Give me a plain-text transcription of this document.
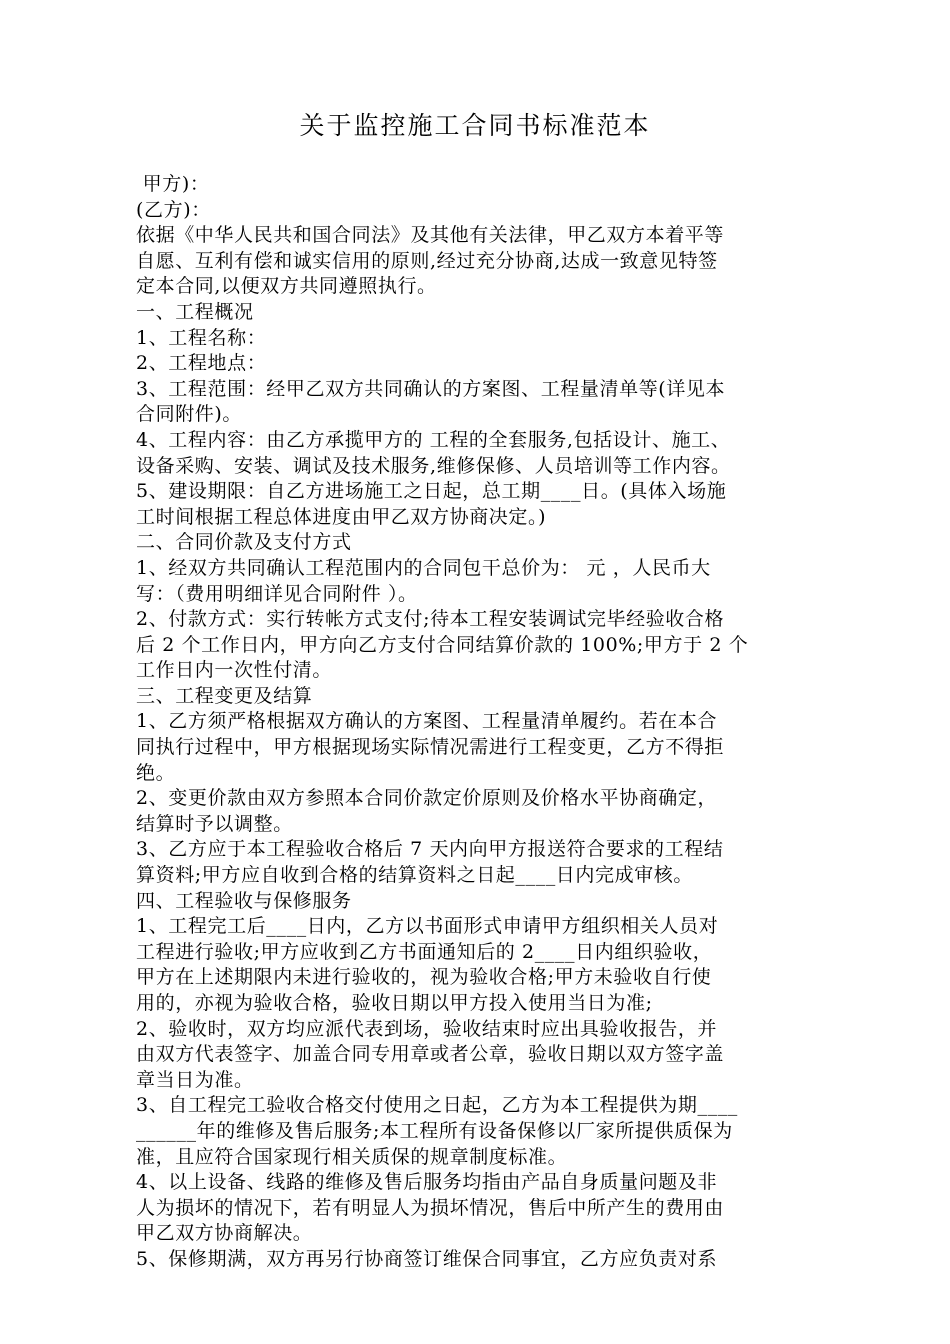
关于监控施工合同书标准范本
甲方)：
(乙方)：
依据《中华人民共和国合同法》及其他有关法律，甲乙双方本着平等
自愿、互利有偿和诚实信用的原则,经过充分协商,达成一致意见特签
定本合同,以便双方共同遵照执行。
一、工程概况
1、工程名称：
2、工程地点：
3、工程范围：经甲乙双方共同确认的方案图、工程量清单等(详见本
合同附件)。
4、工程内容：由乙方承揽甲方的 工程的全套服务,包括设计、施工、
设备采购、安装、调试及技术服务,维修保修、人员培训等工作内容。
5、建设期限：自乙方进场施工之日起，总工期____日。(具体入场施
工时间根据工程总体进度由甲乙双方协商决定。)
二、合同价款及支付方式
1、经双方共同确认工程范围内的合同包干总价为： 元 ，人民币大
写：（费用明细详见合同附件 ）。
2、付款方式：实行转帐方式支付;待本工程安装调试完毕经验收合格
后 2 个工作日内，甲方向乙方支付合同结算价款的 100%;甲方于 2 个
工作日内一次性付清。
三、工程变更及结算
1、乙方须严格根据双方确认的方案图、工程量清单履约。若在本合
同执行过程中，甲方根据现场实际情况需进行工程变更，乙方不得拒
绝。
2、变更价款由双方参照本合同价款定价原则及价格水平协商确定，
结算时予以调整。
3、乙方应于本工程验收合格后 7 天内向甲方报送符合要求的工程结
算资料;甲方应自收到合格的结算资料之日起____日内完成审核。
四、工程验收与保修服务
1、工程完工后____日内，乙方以书面形式申请甲方组织相关人员对
工程进行验收;甲方应收到乙方书面通知后的 2____日内组织验收，
甲方在上述期限内未进行验收的，视为验收合格;甲方未验收自行使
用的，亦视为验收合格，验收日期以甲方投入使用当日为准;
2、验收时，双方均应派代表到场，验收结束时应出具验收报告，并
由双方代表签字、加盖合同专用章或者公章，验收日期以双方签字盖
章当日为准。
3、自工程完工验收合格交付使用之日起，乙方为本工程提供为期____
______年的维修及售后服务;本工程所有设备保修以厂家所提供质保为
准，且应符合国家现行相关质保的规章制度标准。
4、以上设备、线路的维修及售后服务均指由产品自身质量问题及非
人为损坏的情况下，若有明显人为损坏情况，售后中所产生的费用由
甲乙双方协商解决。
5、保修期满，双方再另行协商签订维保合同事宜，乙方应负责对系
